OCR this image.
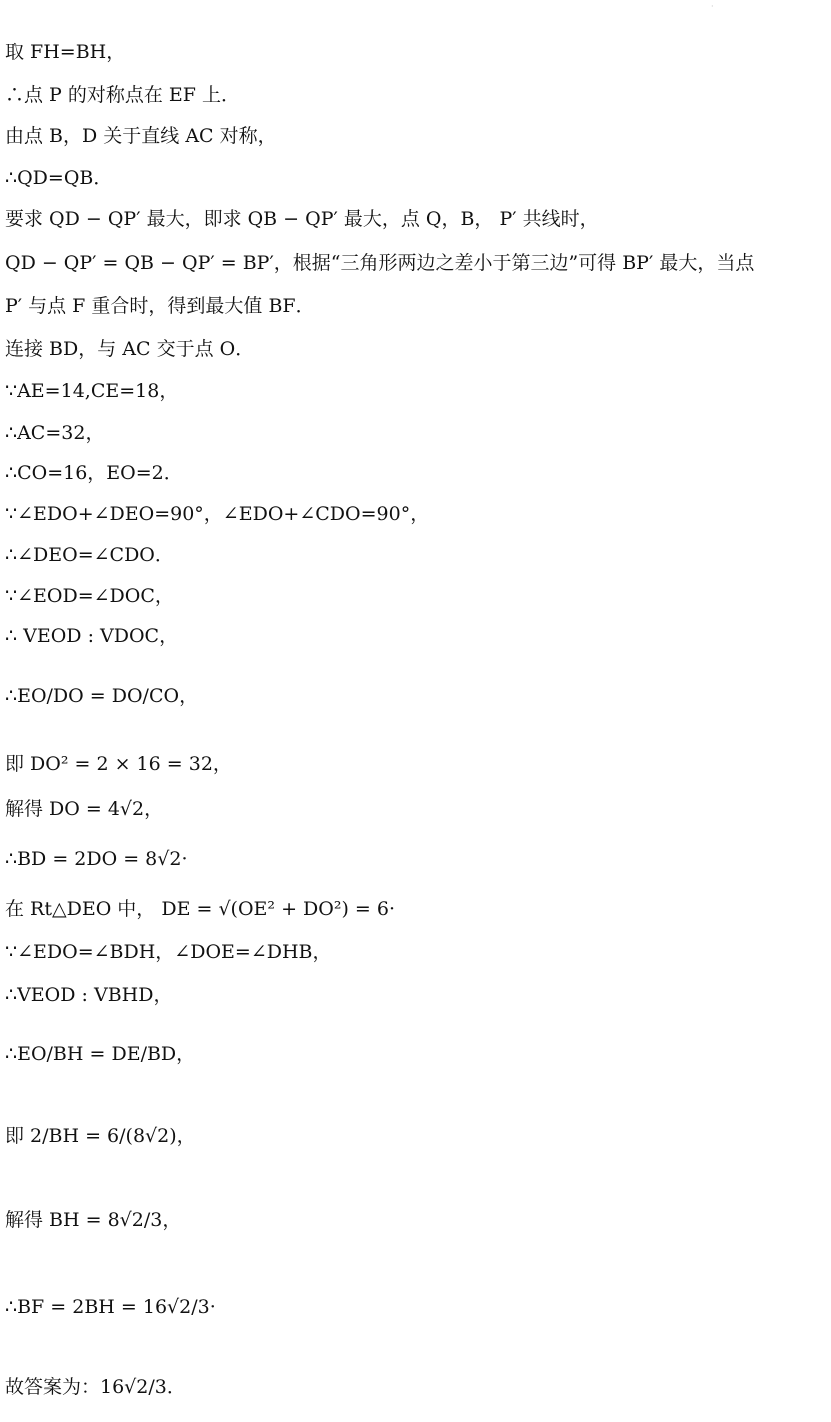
·
取 FH=BH，
∴点 P 的对称点在 EF 上．
由点 B，D 关于直线 AC 对称，
∴QD=QB．
要求 QD − QP′ 最大，即求 QB − QP′ 最大，点 Q，B， P′ 共线时，
QD − QP′ = QB − QP′ = BP′，根据“三角形两边之差小于第三边”可得 BP′ 最大，当点
P′ 与点 F 重合时，得到最大值 BF．
连接 BD，与 AC 交于点 O．
∵AE=14,CE=18，
∴AC=32，
∴CO=16，EO=2．
∵∠EDO+∠DEO=90°，∠EDO+∠CDO=90°，
∴∠DEO=∠CDO．
∵∠EOD=∠DOC，
∴ VEOD : VDOC，
∴EO/DO = DO/CO，
即 DO² = 2 × 16 = 32，
解得 DO = 4√2，
∴BD = 2DO = 8√2·
在 Rt△DEO 中， DE = √(OE² + DO²) = 6·
∵∠EDO=∠BDH，∠DOE=∠DHB，
∴VEOD : VBHD，
∴EO/BH = DE/BD，
即 2/BH = 6/(8√2)，
解得 BH = 8√2/3，
∴BF = 2BH = 16√2/3·
故答案为：16√2/3．
